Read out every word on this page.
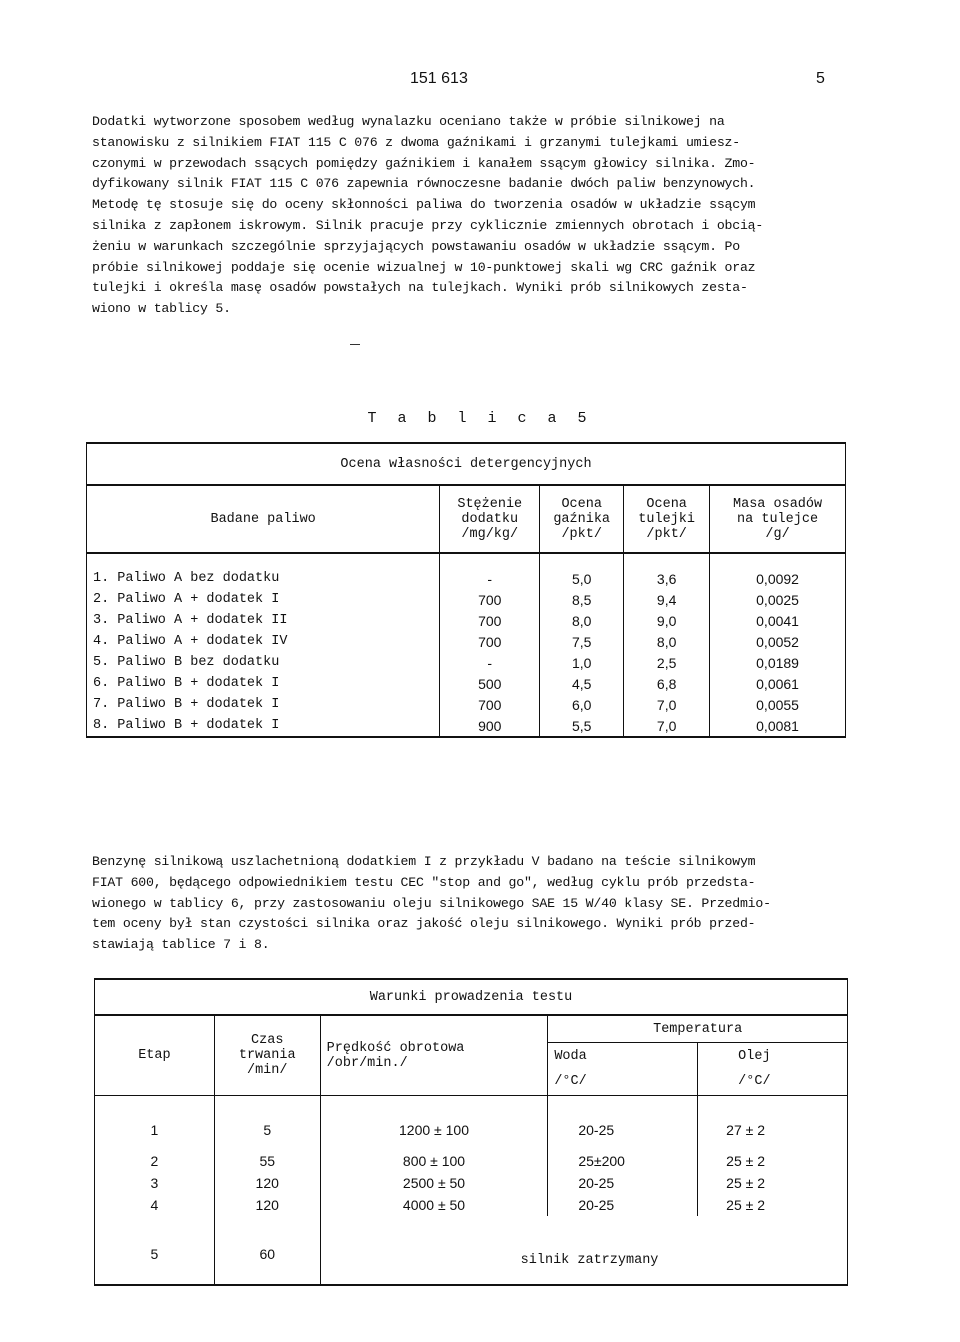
151 613	5
Dodatki wytworzone sposobem według wynalazku oceniano także w próbie silnikowej na
stanowisku z silnikiem FIAT 115 C 076 z dwoma gaźnikami i grzanymi tulejkami umiesz-
czonymi w przewodach ssących pomiędzy gaźnikiem i kanałem ssącym głowicy silnika. Zmo-
dyfikowany silnik FIAT 115 C 076 zapewnia równoczesne badanie dwóch paliw benzynowych.
Metodę tę stosuje się do oceny skłonności paliwa do tworzenia osadów w układzie ssącym
silnika z zapłonem iskrowym. Silnik pracuje przy cyklicznie zmiennych obrotach i obcią-
żeniu w warunkach szczególnie sprzyjających powstawaniu osadów w układzie ssącym. Po
próbie silnikowej poddaje się ocenie wizualnej w 10-punktowej skali wg CRC gaźnik oraz
tulejki i określa masę osadów powstałych na tulejkach. Wyniki prób silnikowych zesta-
wiono w tablicy 5.
T a b l i c a 5
Ocena własności detergencyjnych				
Badane paliwo	Stężenie
dodatku
/mg/kg/	Ocena
gaźnika
/pkt/	Ocena
tulejki
/pkt/	Masa osadów
na tulejce
/g/

1. Paliwo A bez dodatku	-	5,0	3,6	0,0092
2. Paliwo A + dodatek I	700	8,5	9,4	0,0025
3. Paliwo A + dodatek II	700	8,0	9,0	0,0041
4. Paliwo A + dodatek IV	700	7,5	8,0	0,0052
5. Paliwo B bez dodatku	-	1,0	2,5	0,0189
6. Paliwo B + dodatek I	500	4,5	6,8	0,0061
7. Paliwo B + dodatek I	700	6,0	7,0	0,0055
8. Paliwo B + dodatek I	900	5,5	7,0	0,0081
Benzynę silnikową uszlachetnioną dodatkiem I z przykładu V badano na teście silnikowym
FIAT 600, będącego odpowiednikiem testu CEC "stop and go", według cyklu prób przedsta-
wionego w tablicy 6, przy zastosowaniu oleju silnikowego SAE 15 W/40 klasy SE. Przedmio-
tem oceny był stan czystości silnika oraz jakość oleju silnikowego. Wyniki prób przed-
stawiają tablice 7 i 8.
Warunki prowadzenia testu				
Etap	Czas
trwania
/min/	Prędkość obrotowa
/obr/min./	Temperatura	

			Woda
/°C/	Olej
/°C/

1	5	1200 ± 100	20-25	27 ± 2
2	55	800 ± 100	25±200	25 ± 2
3	120	2500 ± 50	20-25	25 ± 2
4	120	4000 ± 50	20-25	25 ± 2
5	60	silnik zatrzymany		
